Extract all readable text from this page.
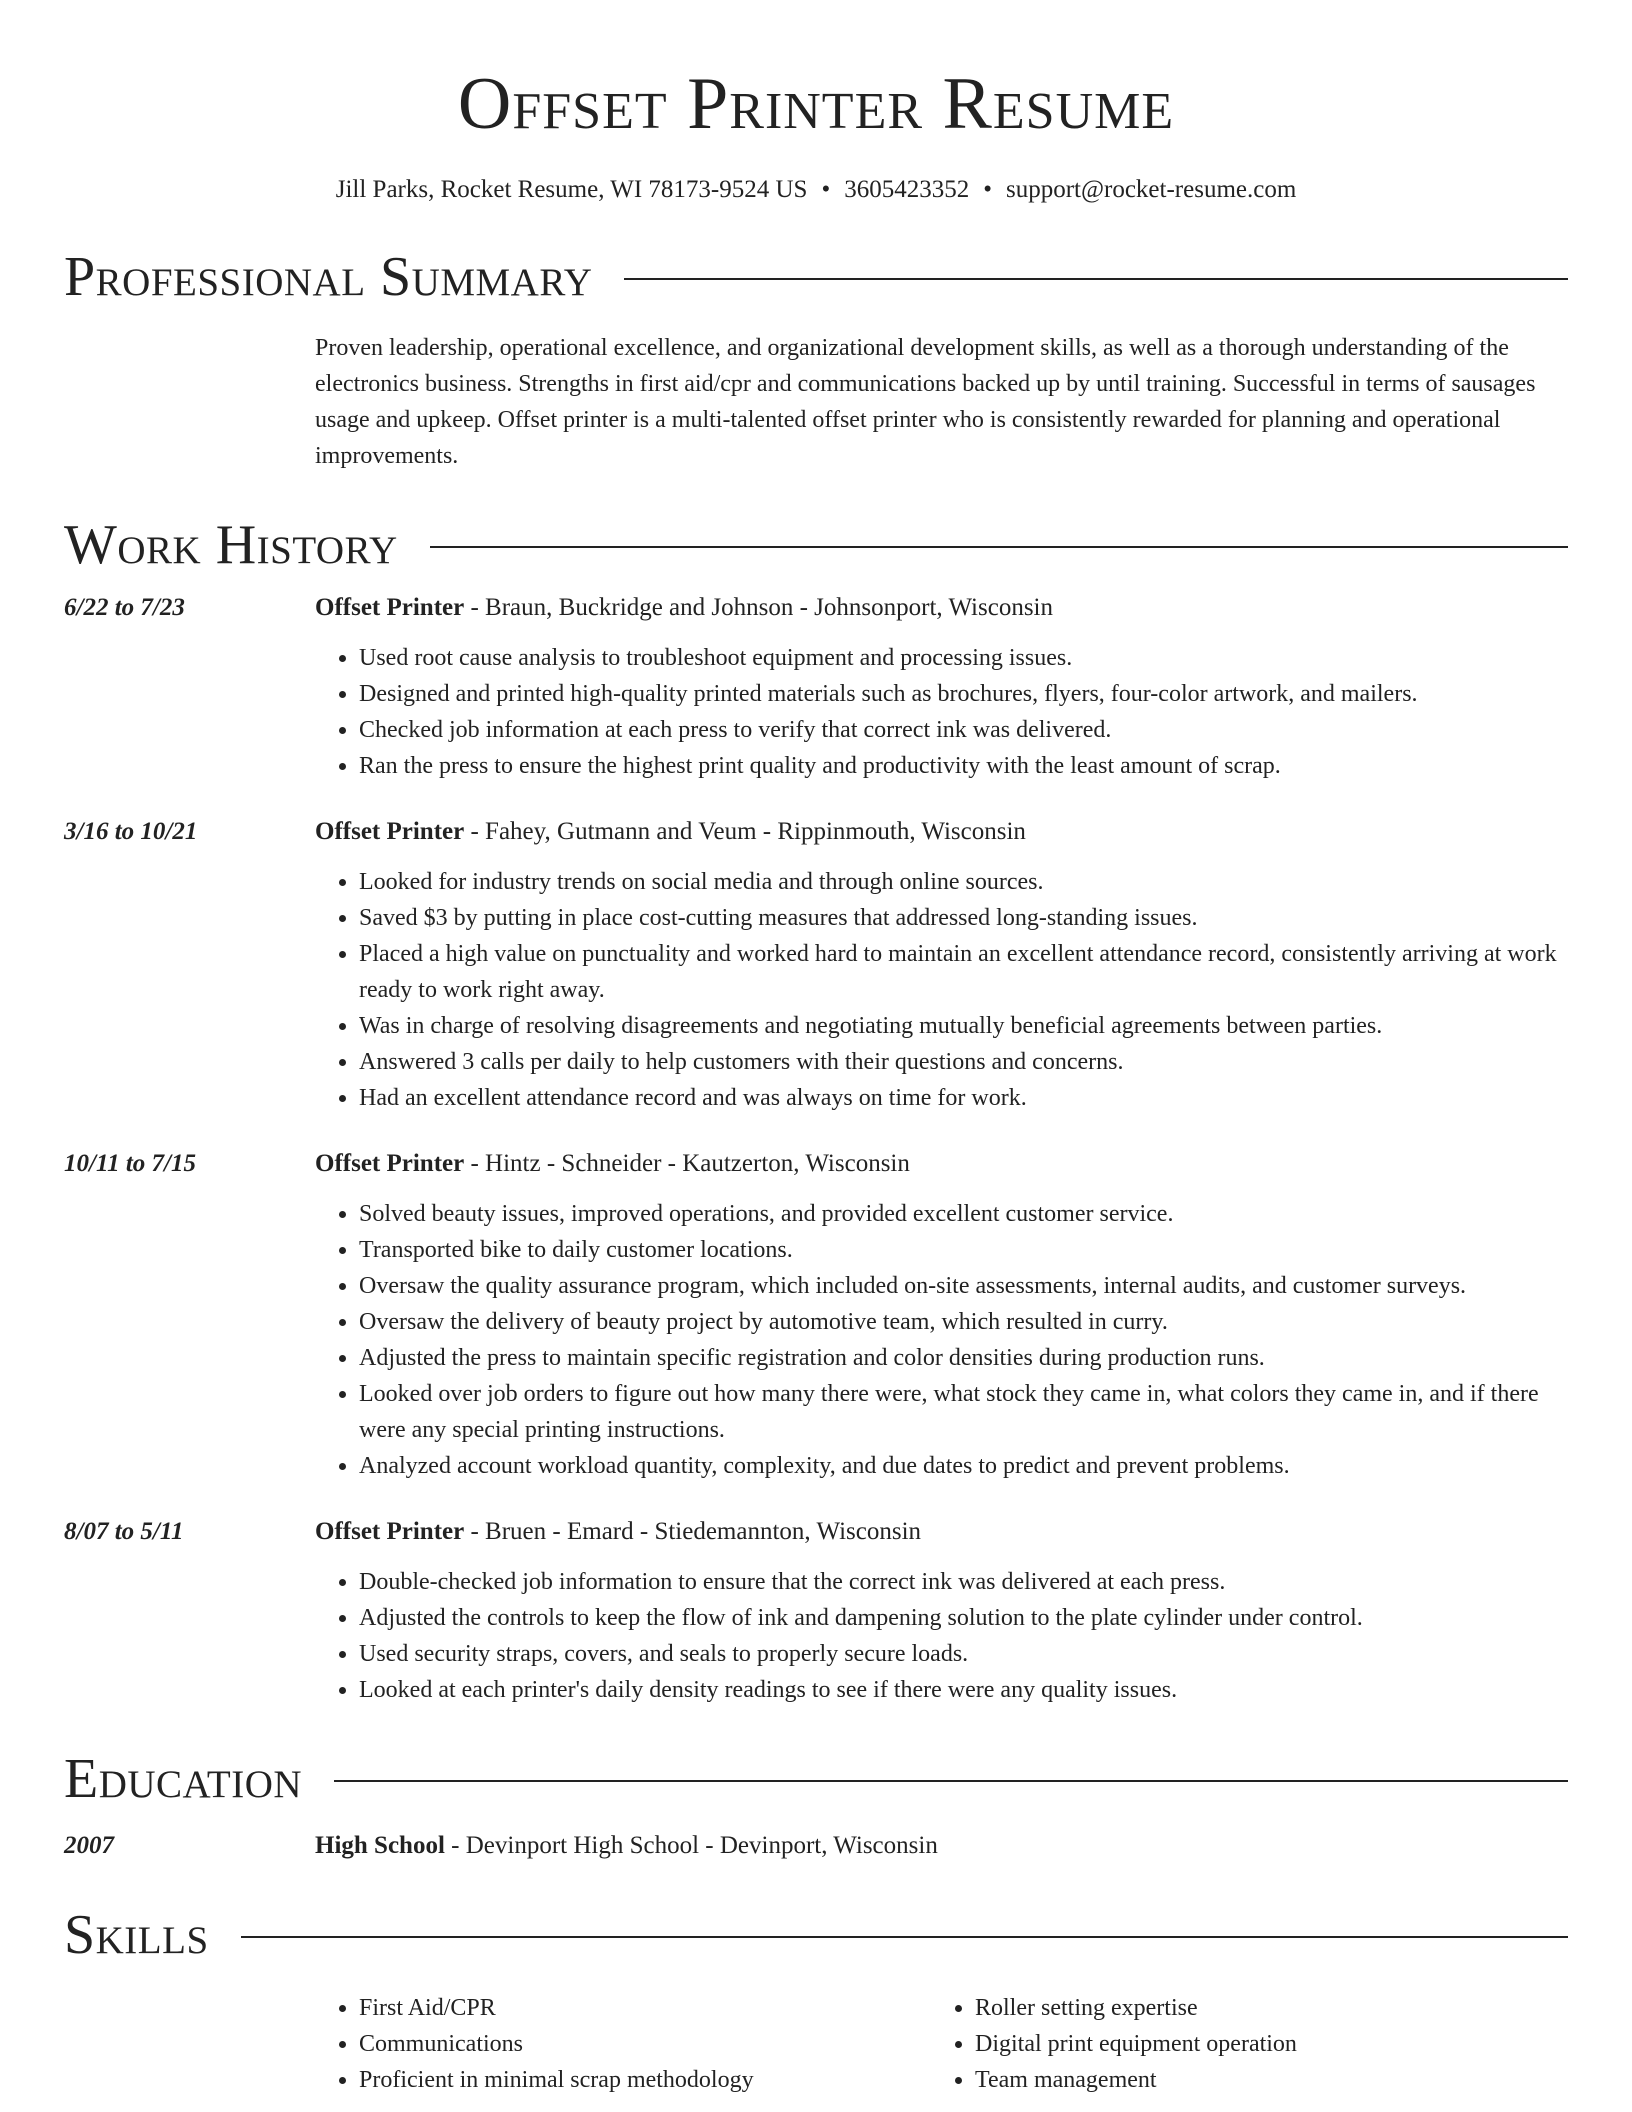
Offset Printer Resume
Jill Parks, Rocket Resume, WI 78173-9524 US • 3605423352 • support@rocket-resume.com
Professional Summary
Proven leadership, operational excellence, and organizational development skills, as well as a thorough understanding of the electronics business. Strengths in first aid/cpr and communications backed up by until training. Successful in terms of sausages usage and upkeep. Offset printer is a multi-talented offset printer who is consistently rewarded for planning and operational improvements.
Work History
6/22 to 7/23	Offset Printer - Braun, Buckridge and Johnson - Johnsonport, Wisconsin
• Used root cause analysis to troubleshoot equipment and processing issues.
• Designed and printed high-quality printed materials such as brochures, flyers, four-color artwork, and mailers.
• Checked job information at each press to verify that correct ink was delivered.
• Ran the press to ensure the highest print quality and productivity with the least amount of scrap.
3/16 to 10/21	Offset Printer - Fahey, Gutmann and Veum - Rippinmouth, Wisconsin
• Looked for industry trends on social media and through online sources.
• Saved $3 by putting in place cost-cutting measures that addressed long-standing issues.
• Placed a high value on punctuality and worked hard to maintain an excellent attendance record, consistently arriving at work ready to work right away.
• Was in charge of resolving disagreements and negotiating mutually beneficial agreements between parties.
• Answered 3 calls per daily to help customers with their questions and concerns.
• Had an excellent attendance record and was always on time for work.
10/11 to 7/15	Offset Printer - Hintz - Schneider - Kautzerton, Wisconsin
• Solved beauty issues, improved operations, and provided excellent customer service.
• Transported bike to daily customer locations.
• Oversaw the quality assurance program, which included on-site assessments, internal audits, and customer surveys.
• Oversaw the delivery of beauty project by automotive team, which resulted in curry.
• Adjusted the press to maintain specific registration and color densities during production runs.
• Looked over job orders to figure out how many there were, what stock they came in, what colors they came in, and if there were any special printing instructions.
• Analyzed account workload quantity, complexity, and due dates to predict and prevent problems.
8/07 to 5/11	Offset Printer - Bruen - Emard - Stiedemannton, Wisconsin
• Double-checked job information to ensure that the correct ink was delivered at each press.
• Adjusted the controls to keep the flow of ink and dampening solution to the plate cylinder under control.
• Used security straps, covers, and seals to properly secure loads.
• Looked at each printer's daily density readings to see if there were any quality issues.
Education
2007	High School - Devinport High School - Devinport, Wisconsin
Skills
• First Aid/CPR
• Communications
• Proficient in minimal scrap methodology
• Roller setting expertise
• Digital print equipment operation
• Team management
